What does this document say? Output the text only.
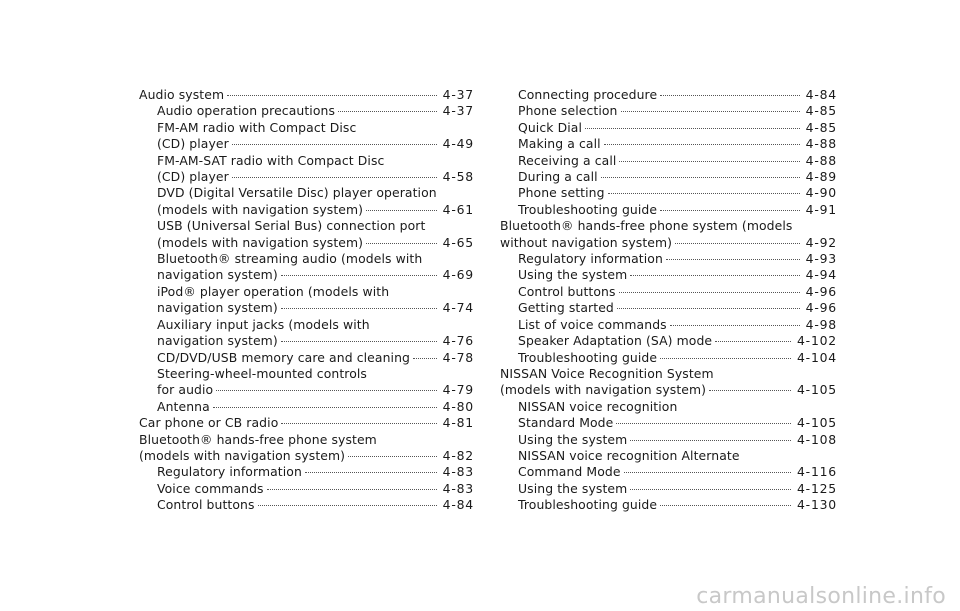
Audio system	4-37
Audio operation precautions	4-37
FM-AM radio with Compact Disc
(CD) player	4-49
FM-AM-SAT radio with Compact Disc
(CD) player	4-58
DVD (Digital Versatile Disc) player operation
(models with navigation system)	4-61
USB (Universal Serial Bus) connection port
(models with navigation system)	4-65
Bluetooth® streaming audio (models with
navigation system)	4-69
iPod® player operation (models with
navigation system)	4-74
Auxiliary input jacks (models with
navigation system)	4-76
CD/DVD/USB memory care and cleaning	4-78
Steering-wheel-mounted controls
for audio	4-79
Antenna	4-80
Car phone or CB radio	4-81
Bluetooth® hands-free phone system
(models with navigation system)	4-82
Regulatory information	4-83
Voice commands	4-83
Control buttons	4-84
Connecting procedure	4-84
Phone selection	4-85
Quick Dial	4-85
Making a call	4-88
Receiving a call	4-88
During a call	4-89
Phone setting	4-90
Troubleshooting guide	4-91
Bluetooth® hands-free phone system (models
without navigation system)	4-92
Regulatory information	4-93
Using the system	4-94
Control buttons	4-96
Getting started	4-96
List of voice commands	4-98
Speaker Adaptation (SA) mode	4-102
Troubleshooting guide	4-104
NISSAN Voice Recognition System
(models with navigation system)	4-105
NISSAN voice recognition
Standard Mode	4-105
Using the system	4-108
NISSAN voice recognition Alternate
Command Mode	4-116
Using the system	4-125
Troubleshooting guide	4-130
carmanualsonline.info
